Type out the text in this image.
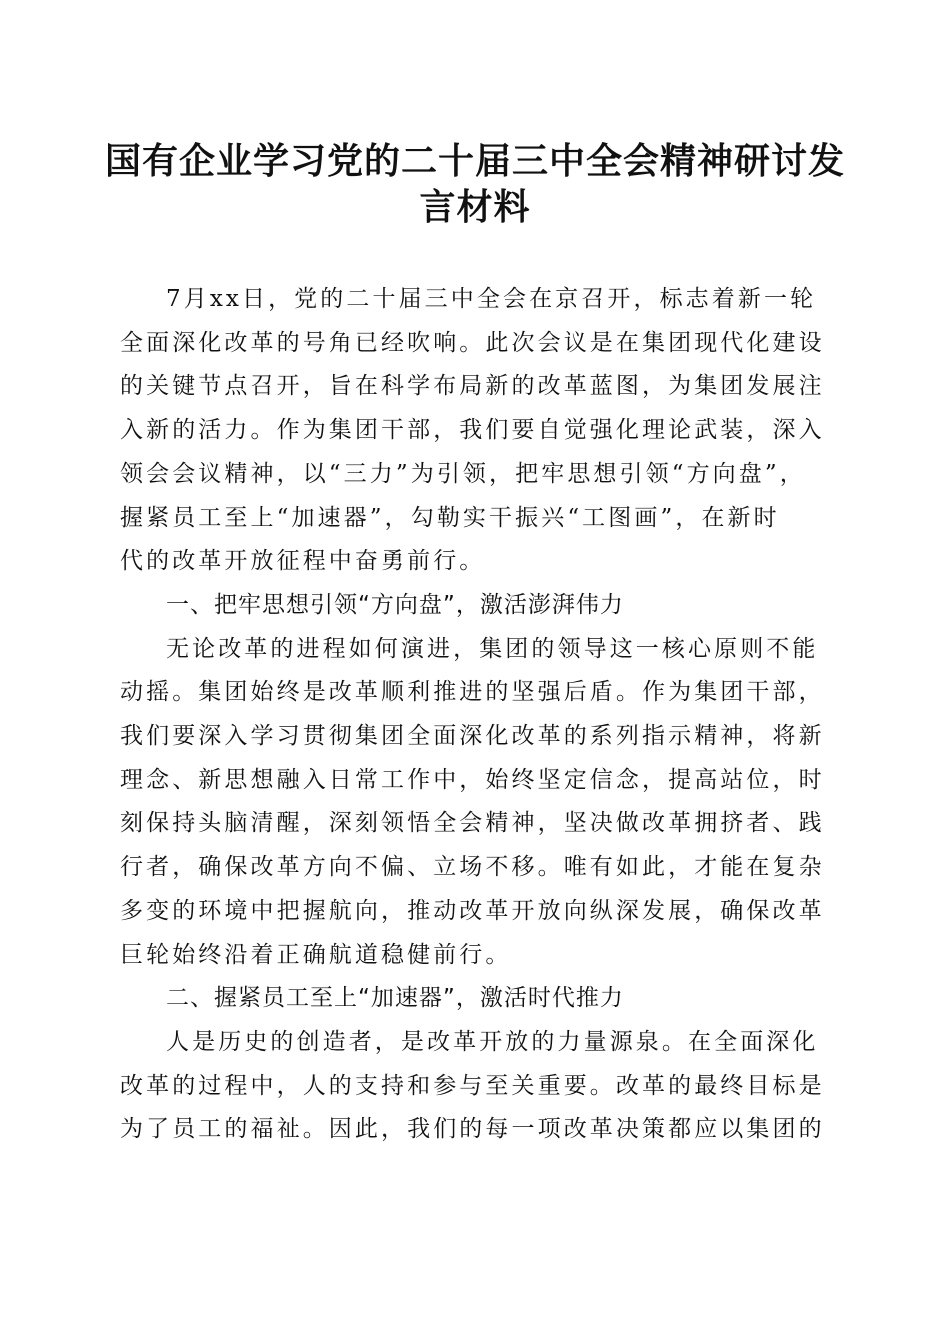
国有企业学习党的二十届三中全会精神研讨发
言材料
7月xx日，党的二十届三中全会在京召开，标志着新一轮
全面深化改革的号角已经吹响。此次会议是在集团现代化建设
的关键节点召开，旨在科学布局新的改革蓝图，为集团发展注
入新的活力。作为集团干部，我们要自觉强化理论武装，深入
领会会议精神，以“三力”为引领，把牢思想引领“方向盘”，
握紧员工至上“加速器”，勾勒实干振兴“工图画”，在新时
代的改革开放征程中奋勇前行。
一、把牢思想引领“方向盘”，激活澎湃伟力
无论改革的进程如何演进，集团的领导这一核心原则不能
动摇。集团始终是改革顺利推进的坚强后盾。作为集团干部，
我们要深入学习贯彻集团全面深化改革的系列指示精神，将新
理念、新思想融入日常工作中，始终坚定信念，提高站位，时
刻保持头脑清醒，深刻领悟全会精神，坚决做改革拥挤者、践
行者，确保改革方向不偏、立场不移。唯有如此，才能在复杂
多变的环境中把握航向，推动改革开放向纵深发展，确保改革
巨轮始终沿着正确航道稳健前行。
二、握紧员工至上“加速器”，激活时代推力
人是历史的创造者，是改革开放的力量源泉。在全面深化
改革的过程中，人的支持和参与至关重要。改革的最终目标是
为了员工的福祉。因此，我们的每一项改革决策都应以集团的
